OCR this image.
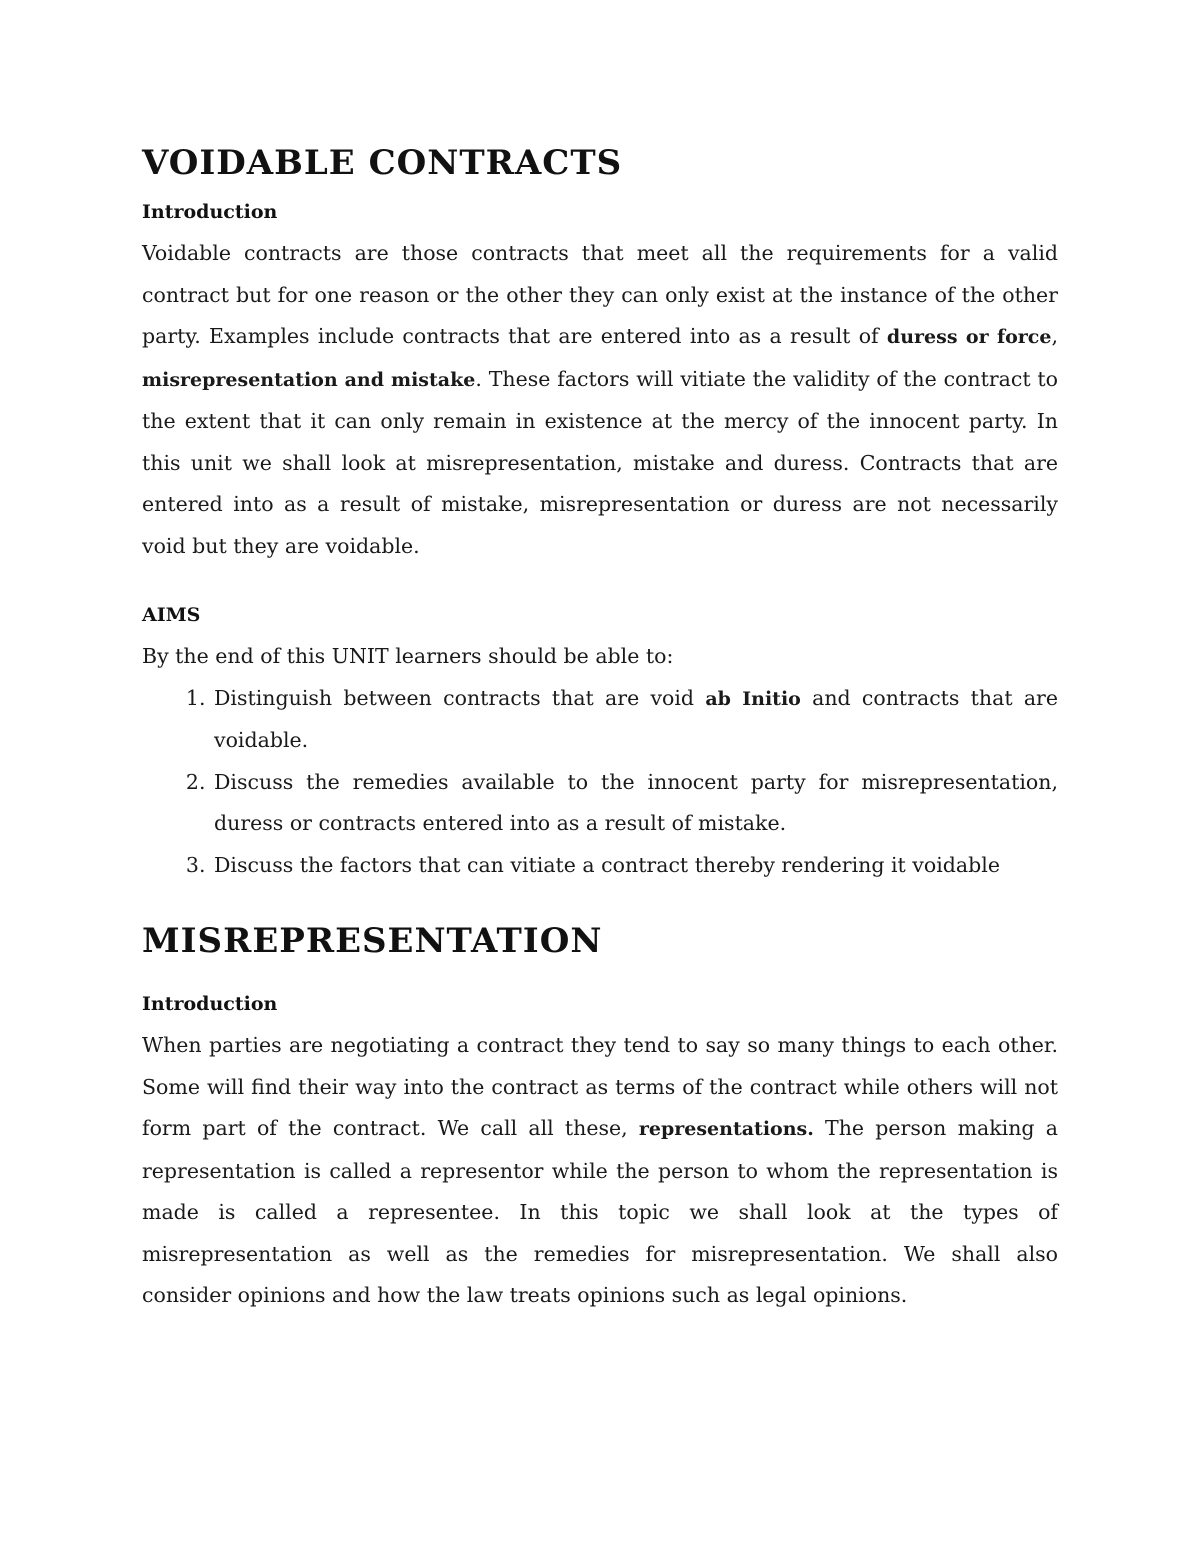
VOIDABLE CONTRACTS
Introduction

Voidable contracts are those contracts that meet all the requirements for a valid contract but for one reason or the other they can only exist at the instance of the other party. Examples include contracts that are entered into as a result of duress or force, misrepresentation and mistake. These factors will vitiate the validity of the contract to the extent that it can only remain in existence at the mercy of the innocent party. In this unit we shall look at misrepresentation, mistake and duress. Contracts that are entered into as a result of mistake, misrepresentation or duress are not necessarily void but they are voidable.

AIMS

By the end of this UNIT learners should be able to:

1. Distinguish between contracts that are void ab Initio and contracts that are voidable.
2. Discuss the remedies available to the innocent party for misrepresentation, duress or contracts entered into as a result of mistake.
3. Discuss the factors that can vitiate a contract thereby rendering it voidable
MISREPRESENTATION
Introduction

When parties are negotiating a contract they tend to say so many things to each other. Some will find their way into the contract as terms of the contract while others will not form part of the contract. We call all these, representations. The person making a representation is called a representor while the person to whom the representation is made is called a representee. In this topic we shall look at the types of misrepresentation as well as the remedies for misrepresentation. We shall also consider opinions and how the law treats opinions such as legal opinions.
